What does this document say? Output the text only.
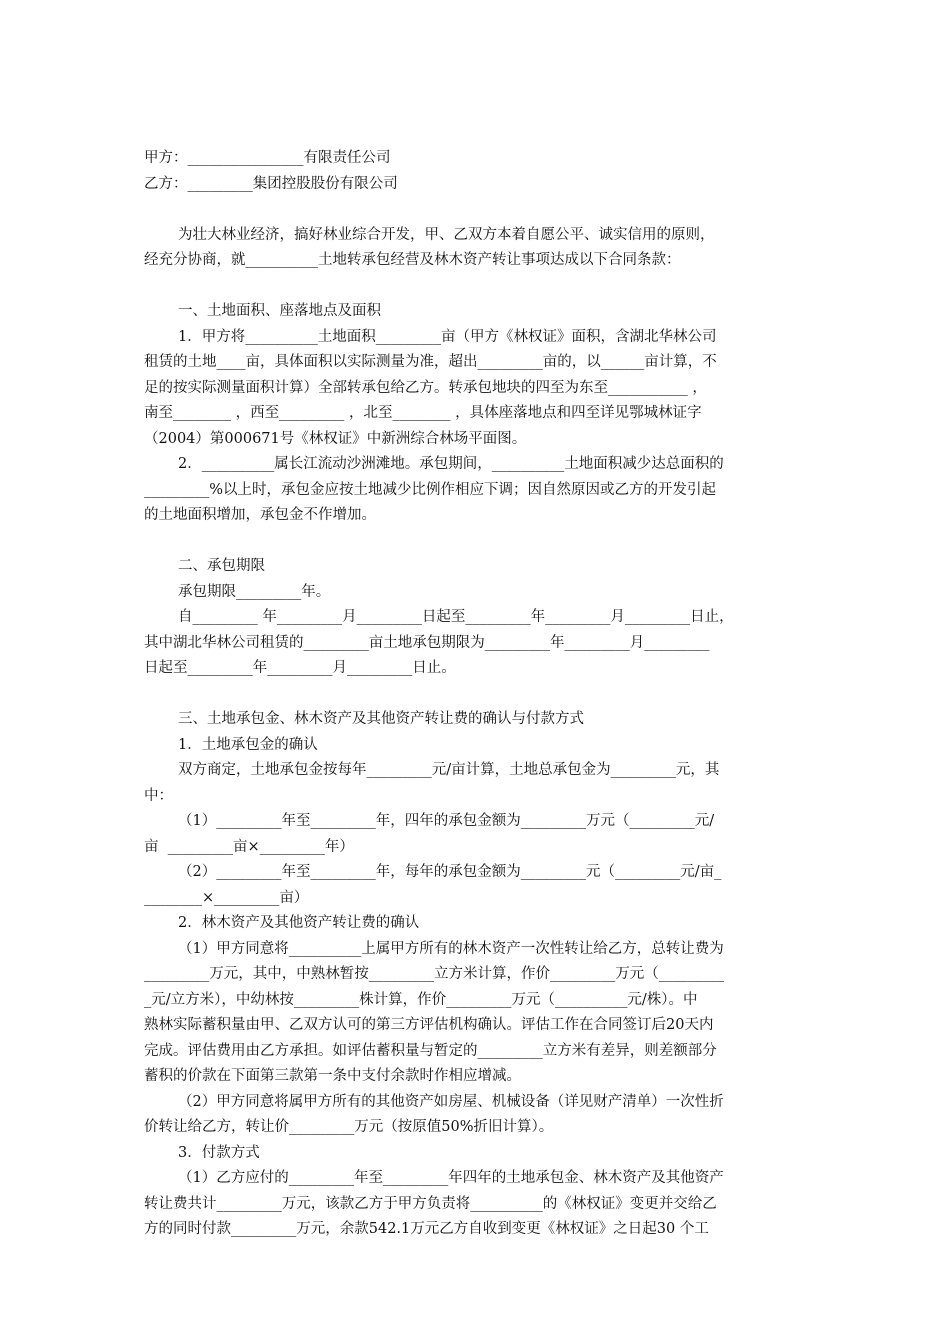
甲方：________________有限责任公司
乙方：_________集团控股股份有限公司
为壮大林业经济，搞好林业综合开发，甲、乙双方本着自愿公平、诚实信用的原则，
经充分协商，就__________土地转承包经营及林木资产转让事项达成以下合同条款：
一、土地面积、座落地点及面积
1．甲方将__________土地面积_________亩（甲方《林权证》面积，含湖北华林公司
租赁的土地____亩，具体面积以实际测量为准，超出_________亩的，以______亩计算，不
足的按实际测量面积计算）全部转承包给乙方。转承包地块的四至为东至___________ ，
南至________ ，西至_________ ，北至________ ，具体座落地点和四至详见鄂城林证字
（2004）第000671号《林权证》中新洲综合林场平面图。
2．__________属长江流动沙洲滩地。承包期间，__________土地面积减少达总面积的
_________%以上时，承包金应按土地减少比例作相应下调；因自然原因或乙方的开发引起
的土地面积增加，承包金不作增加。
二、承包期限
承包期限_________年。
自_________ 年_________月_________日起至_________年_________月_________日止，
其中湖北华林公司租赁的_________亩土地承包期限为_________年_________月_________
日起至_________年_________月_________日止。
三、土地承包金、林木资产及其他资产转让费的确认与付款方式
1．土地承包金的确认
双方商定，土地承包金按每年_________元/亩计算，土地总承包金为_________元，其
中：
（1）_________年至_________年，四年的承包金额为_________万元（_________元/
亩  _________亩×_________年）
（2）_________年至_________年，每年的承包金额为_________元（_________元/亩_
________×_________亩）
2．林木资产及其他资产转让费的确认
（1）甲方同意将__________上属甲方所有的林木资产一次性转让给乙方，总转让费为
_________万元，其中，中熟林暂按_________立方米计算，作价_________万元（_________
_元/立方米），中幼林按_________株计算，作价_________万元（__________元/株）。中
熟林实际蓄积量由甲、乙双方认可的第三方评估机构确认。评估工作在合同签订后20天内
完成。评估费用由乙方承担。如评估蓄积量与暂定的_________立方米有差异，则差额部分
蓄积的价款在下面第三款第一条中支付余款时作相应增减。
（2）甲方同意将属甲方所有的其他资产如房屋、机械设备（详见财产清单）一次性折
价转让给乙方，转让价_________万元（按原值50%折旧计算）。
3．付款方式
（1）乙方应付的_________年至_________年四年的土地承包金、林木资产及其他资产
转让费共计_________万元，该款乙方于甲方负责将__________的《林权证》变更并交给乙
方的同时付款_________万元，余款542.1万元乙方自收到变更《林权证》之日起30 个工
